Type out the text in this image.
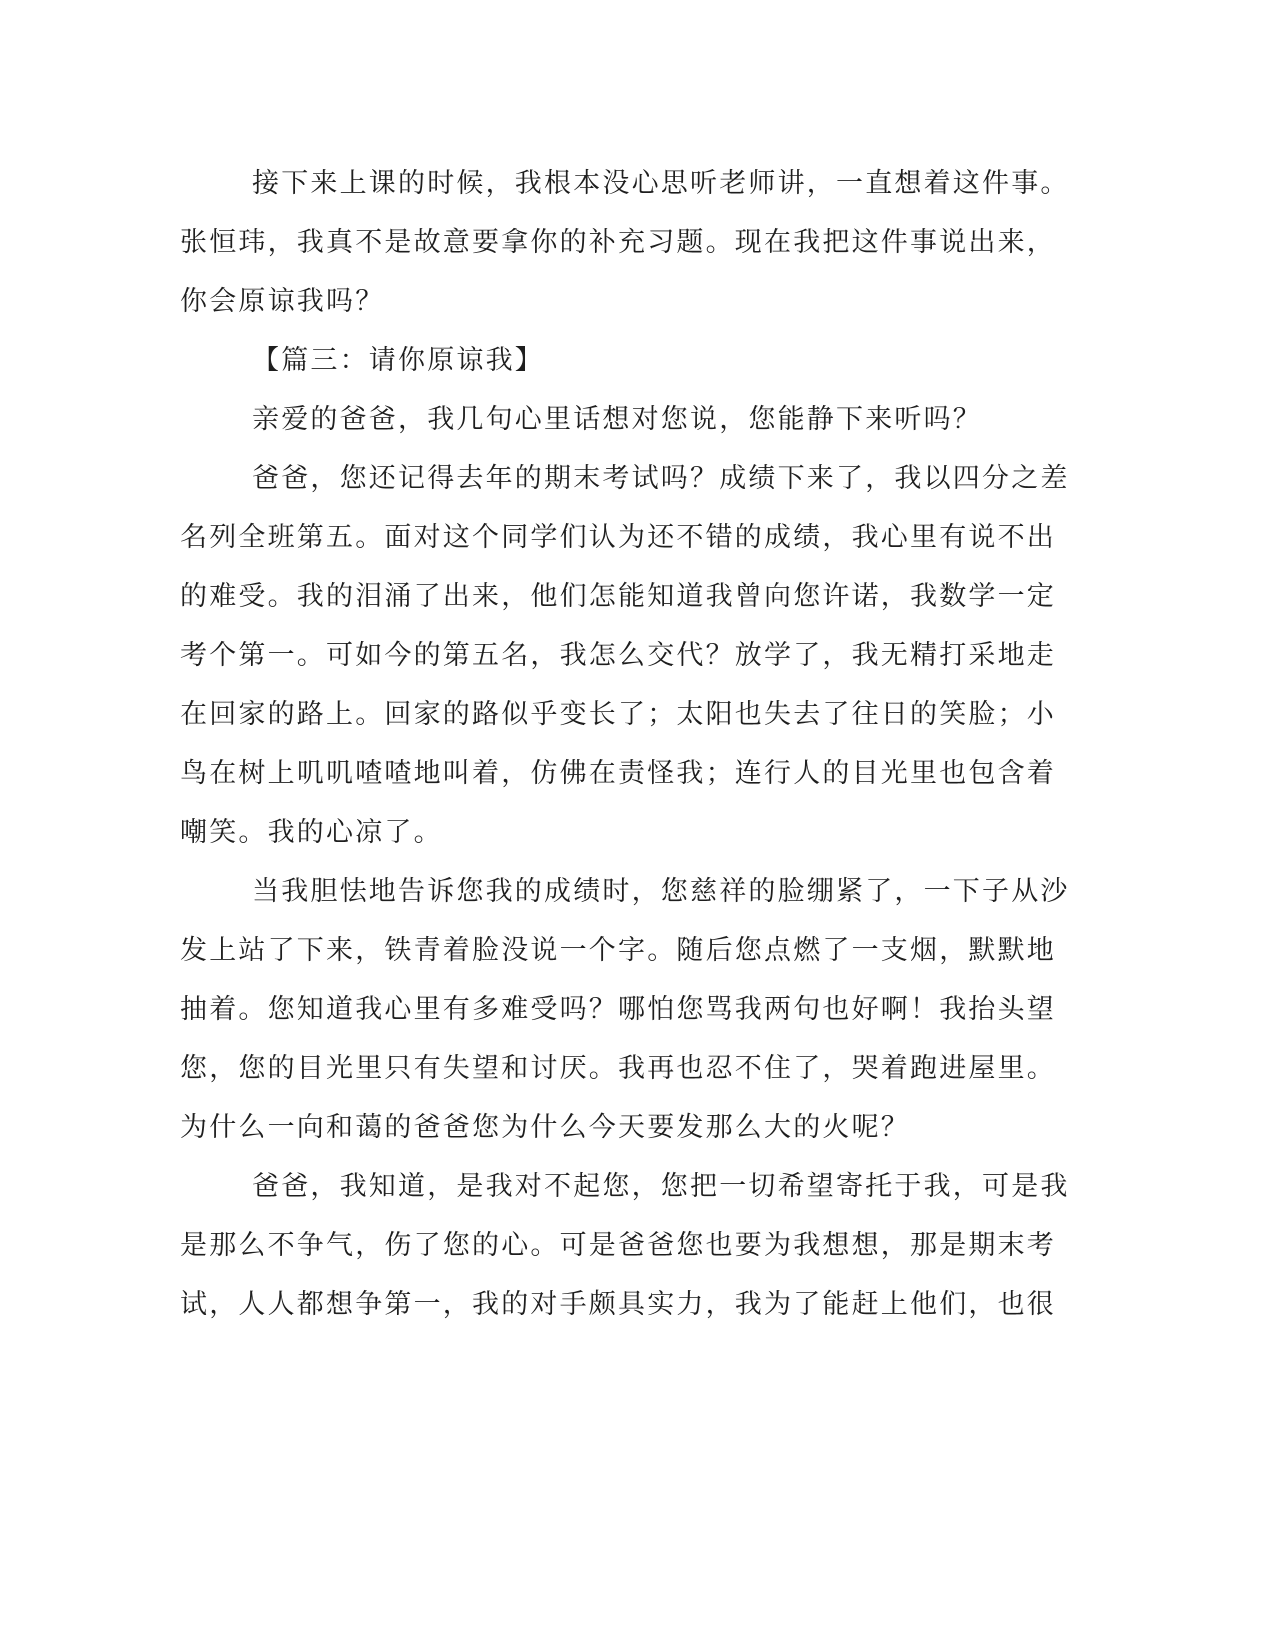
接下来上课的时候，我根本没心思听老师讲，一直想着这件事。
张恒玮，我真不是故意要拿你的补充习题。现在我把这件事说出来，
你会原谅我吗？
【篇三：请你原谅我】
亲爱的爸爸，我几句心里话想对您说，您能静下来听吗？
爸爸，您还记得去年的期末考试吗？成绩下来了，我以四分之差
名列全班第五。面对这个同学们认为还不错的成绩，我心里有说不出
的难受。我的泪涌了出来，他们怎能知道我曾向您许诺，我数学一定
考个第一。可如今的第五名，我怎么交代？放学了，我无精打采地走
在回家的路上。回家的路似乎变长了；太阳也失去了往日的笑脸；小
鸟在树上叽叽喳喳地叫着，仿佛在责怪我；连行人的目光里也包含着
嘲笑。我的心凉了。
当我胆怯地告诉您我的成绩时，您慈祥的脸绷紧了，一下子从沙
发上站了下来，铁青着脸没说一个字。随后您点燃了一支烟，默默地
抽着。您知道我心里有多难受吗？哪怕您骂我两句也好啊！我抬头望
您，您的目光里只有失望和讨厌。我再也忍不住了，哭着跑进屋里。
为什么一向和蔼的爸爸您为什么今天要发那么大的火呢？
爸爸，我知道，是我对不起您，您把一切希望寄托于我，可是我
是那么不争气，伤了您的心。可是爸爸您也要为我想想，那是期末考
试，人人都想争第一，我的对手颇具实力，我为了能赶上他们，也很
